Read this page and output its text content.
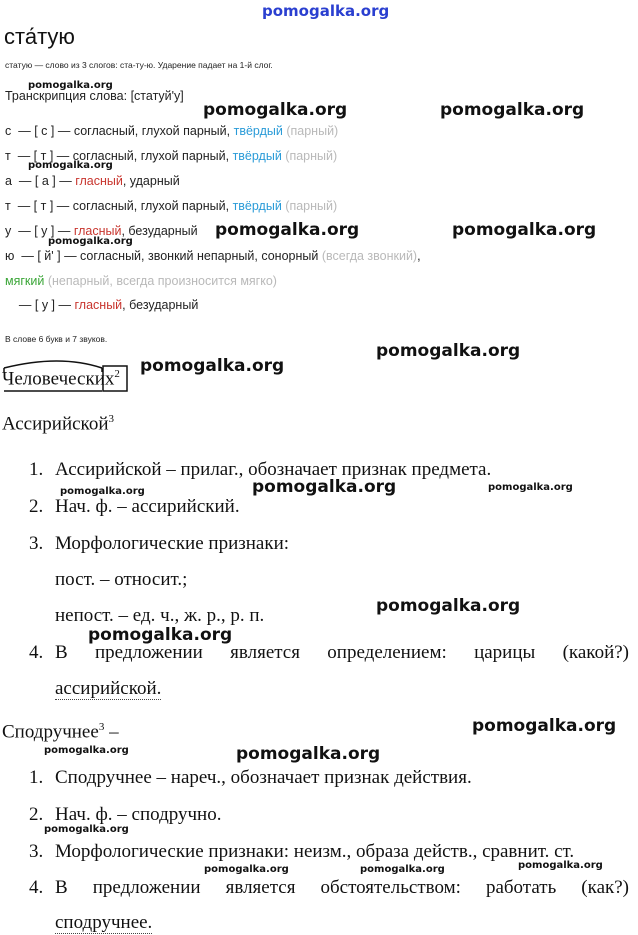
pomogalka.org
ста́тую
статую — слово из 3 слогов: ста-ту-ю. Ударение падает на 1-й слог.
Транскрипция слова: [статуй'у]
с — [ с ] — согласный, глухой парный, твёрдый (парный)
т — [ т ] — согласный, глухой парный, твёрдый (парный)
а — [ а ] — гласный, ударный
т — [ т ] — согласный, глухой парный, твёрдый (парный)
у — [ у ] — гласный, безударный
ю — [ й' ] — согласный, звонкий непарный, сонорный (всегда звонкий),
мягкий (непарный, всегда произносится мягко)
— [ у ] — гласный, безударный
В слове 6 букв и 7 звуков.
Человеческих$^2$
Ассирийской$^3$
1. Ассирийской – прилаг., обозначает признак предмета.
2. Нач. ф. – ассирийский.
3. Морфологические признаки:
пост. – относит.;
непост. – ед. ч., ж. р., р. п.
4. В предложении является определением: царицы (какой?)
ассирийской.
Сподручнее$^3$ –
1. Сподручнее – нареч., обозначает признак действия.
2. Нач. ф. – сподручно.
3. Морфологические признаки: неизм., образа действ., сравнит. ст.
4. В предложении является обстоятельством: работать (как?)
сподручнее.
pomogalka.org	pomogalka.org
pomogalka.org	pomogalka.org
pomogalka.org
pomogalka.org
pomogalka.org
pomogalka.org
pomogalka.org
pomogalka.org
pomogalka.org
pomogalka.org
pomogalka.org
pomogalka.org
pomogalka.org	pomogalka.org
pomogalka.org
pomogalka.org
pomogalka.org	pomogalka.org	pomogalka.org
